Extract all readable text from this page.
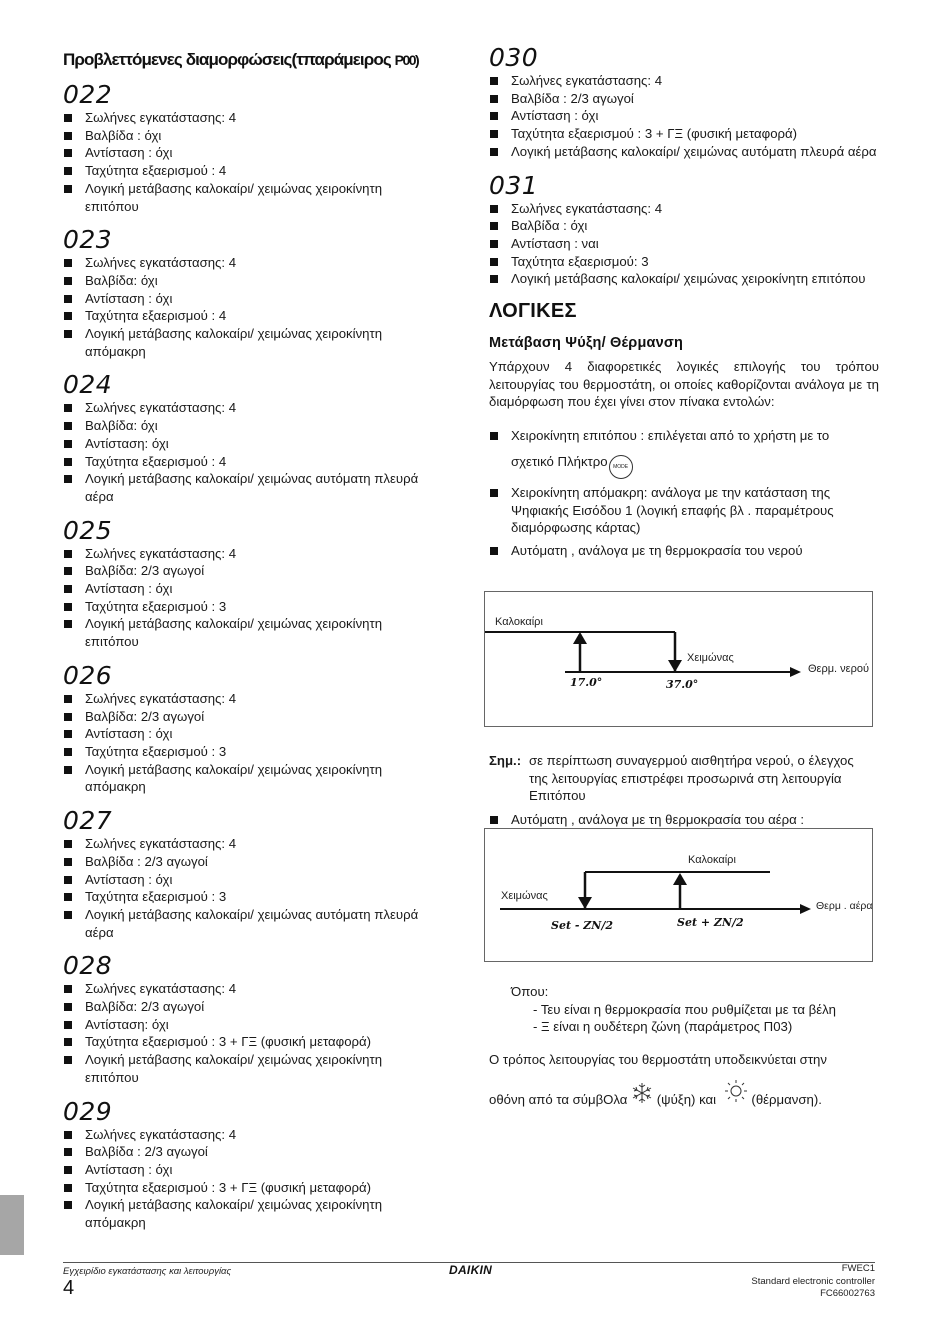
Προβλεττόμενες διαμορφώσεις(τπαράμειρος P00)
022
Σωλήνες εγκατάστασης: 4
Βαλβίδα : όχι
Αντίσταση : όχι
Ταχύτητα εξαερισμού : 4
Λογική μετάβασης καλοκαίρι/ χειμώνας χειροκίνητη επιτόπου
023
Σωλήνες εγκατάστασης: 4
Βαλβίδα: όχι
Αντίσταση : όχι
Ταχύτητα εξαερισμού : 4
Λογική μετάβασης καλοκαίρι/ χειμώνας χειροκίνητη απόμακρη
024
Σωλήνες εγκατάστασης: 4
Βαλβίδα: όχι
Αντίσταση: όχι
Ταχύτητα εξαερισμού : 4
Λογική μετάβασης καλοκαίρι/ χειμώνας αυτόματη πλευρά αέρα
025
Σωλήνες εγκατάστασης: 4
Βαλβίδα: 2/3 αγωγοί
Αντίσταση : όχι
Ταχύτητα εξαερισμού : 3
Λογική μετάβασης καλοκαίρι/ χειμώνας χειροκίνητη επιτόπου
026
Σωλήνες εγκατάστασης: 4
Βαλβίδα: 2/3 αγωγοί
Αντίσταση : όχι
Ταχύτητα εξαερισμού : 3
Λογική μετάβασης καλοκαίρι/ χειμώνας χειροκίνητη απόμακρη
027
Σωλήνες εγκατάστασης: 4
Βαλβίδα : 2/3 αγωγοί
Αντίσταση : όχι
Ταχύτητα εξαερισμού : 3
Λογική μετάβασης καλοκαίρι/ χειμώνας αυτόματη πλευρά αέρα
028
Σωλήνες εγκατάστασης: 4
Βαλβίδα: 2/3 αγωγοί
Αντίσταση: όχι
Ταχύτητα εξαερισμού : 3 + ΓΞ (φυσική μεταφορά)
Λογική μετάβασης καλοκαίρι/ χειμώνας χειροκίνητη επιτόπου
029
Σωλήνες εγκατάστασης: 4
Βαλβίδα : 2/3 αγωγοί
Αντίσταση : όχι
Ταχύτητα εξαερισμού : 3 + ΓΞ (φυσική μεταφορά)
Λογική μετάβασης καλοκαίρι/ χειμώνας χειροκίνητη απόμακρη
030
Σωλήνες εγκατάστασης: 4
Βαλβίδα : 2/3 αγωγοί
Αντίσταση : όχι
Ταχύτητα εξαερισμού : 3 + ΓΞ (φυσική μεταφορά)
Λογική μετάβασης καλοκαίρι/ χειμώνας αυτόματη πλευρά αέρα
031
Σωλήνες εγκατάστασης: 4
Βαλβίδα : όχι
Αντίσταση : ναι
Ταχύτητα εξαερισμού: 3
Λογική μετάβασης καλοκαίρι/ χειμώνας χειροκίνητη επιτόπου
ΛΟΓΙΚΕΣ
Μετάβαση Ψύξη/ Θέρμανση
Υπάρχουν 4 διαφορετικές λογικές επιλογής του τρόπου λειτουργίας του θερμοστάτη, οι οποίες καθορίζονται ανάλογα με τη διαμόρφωση που έχει γίνει στον πίνακα εντολών:
Χειροκίνητη επιτόπου : επιλέγεται από το χρήστη με το
σχετικό Πλήκτρο MODE
Χειροκίνητη απόμακρη: ανάλογα με την κατάσταση της Ψηφιακής Εισόδου 1 (λογική επαφής βλ . παραμέτρους διαμόρφωσης κάρτας)
Αυτόματη , ανάλογα με τη θερμοκρασία του νερού
Καλοκαίρι
Χειμώνας
Θερμ. νερού
17.0°	37.0°
Σημ.: σε περίπτωση συναγερμού αισθητήρα νερού, ο έλεγχος της λειτουργίας επιστρέφει προσωρινά στη λειτουργία Επιτόπου
Αυτόματη , ανάλογα με τη θερμοκρασία του αέρα :
Καλοκαίρι
Χειμώνας
Θερμ . αέρα
Set - ZN/2	Set + ZN/2
Όπου:
- Τευ είναι η θερμοκρασία που ρυθμίζεται με τα βέλη
- Ξ είναι η ουδέτερη ζώνη (παράμετρος Π03)
Ο τρόπος λειτουργίας του θερμοστάτη υποδεικνύεται στην
οθόνη από τα σύμβΟλα (ψύξη) και	(θέρμανση).
Εγχειρίδιο εγκατάστασης και λειτουργίας
4
DAIKIN	FWEC1
Standard electronic controller
FC66002763
